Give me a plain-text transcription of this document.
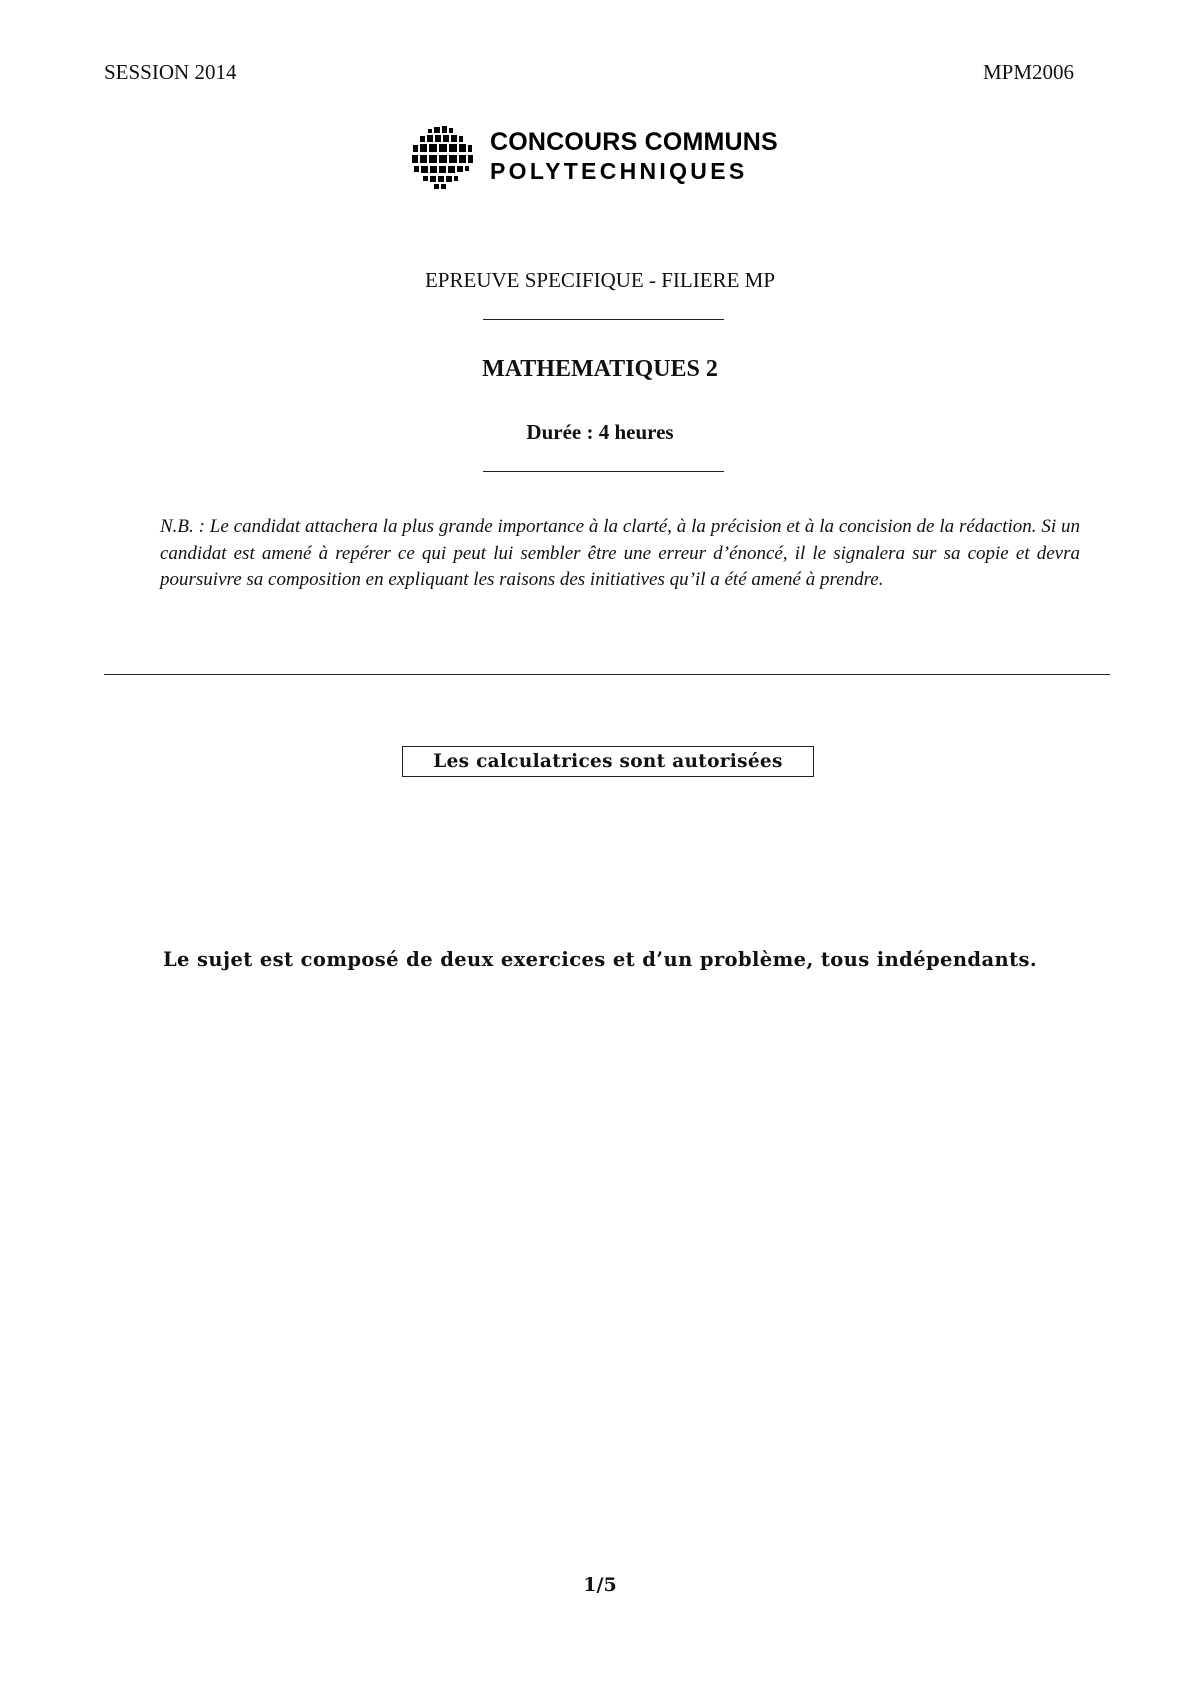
SESSION 2014	MPM2006
CONCOURS COMMUNS
POLYTECHNIQUES
EPREUVE SPECIFIQUE - FILIERE MP
MATHEMATIQUES 2
Durée : 4 heures
N.B. : Le candidat attachera la plus grande importance à la clarté, à la précision et à la concision de la rédaction. Si un candidat est amené à repérer ce qui peut lui sembler être une erreur d’énoncé, il le signalera sur sa copie et devra poursuivre sa composition en expliquant les raisons des initiatives qu’il a été amené à prendre.
Les calculatrices sont autorisées
Le sujet est composé de deux exercices et d’un problème, tous indépendants.
1/5
